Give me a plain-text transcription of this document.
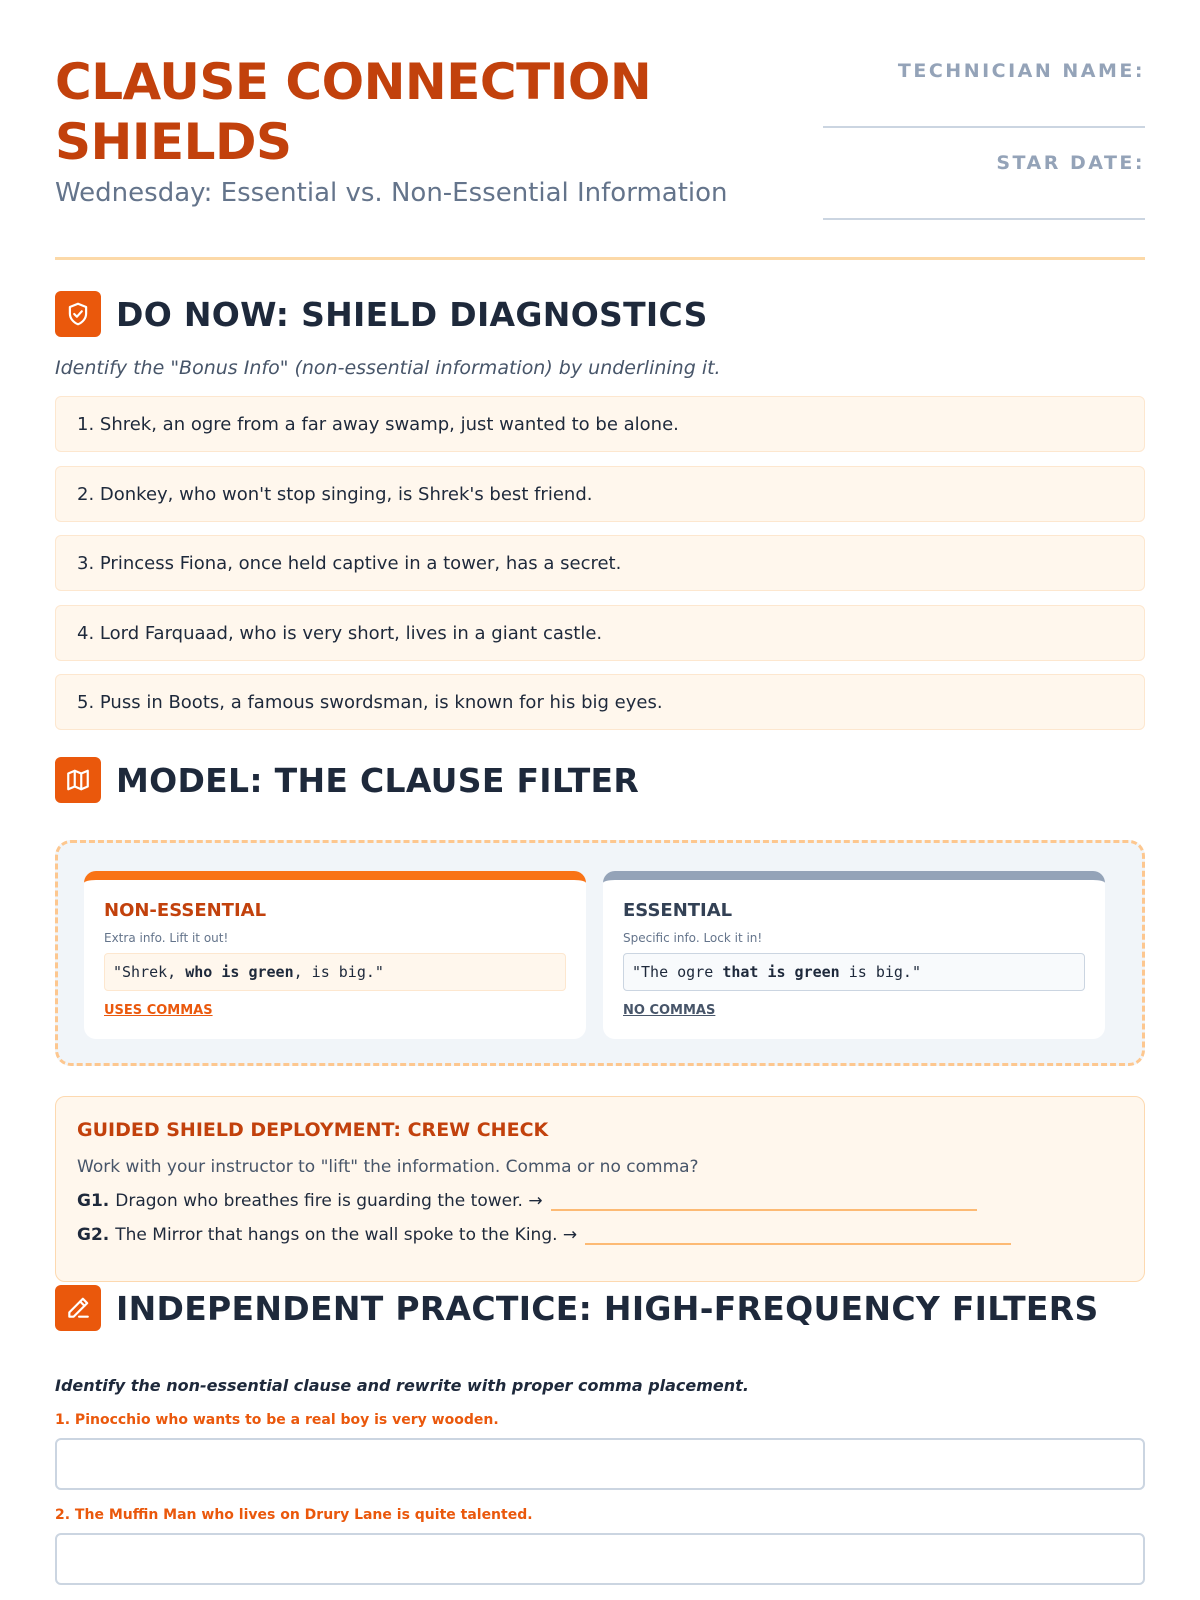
CLAUSE CONNECTION SHIELDS
Wednesday: Essential vs. Non-Essential Information
TECHNICIAN NAME:
STAR DATE:
DO NOW: SHIELD DIAGNOSTICS
Identify the "Bonus Info" (non-essential information) by underlining it.
1. Shrek, an ogre from a far away swamp, just wanted to be alone.
2. Donkey, who won't stop singing, is Shrek's best friend.
3. Princess Fiona, once held captive in a tower, has a secret.
4. Lord Farquaad, who is very short, lives in a giant castle.
5. Puss in Boots, a famous swordsman, is known for his big eyes.
MODEL: THE CLAUSE FILTER
NON-ESSENTIAL
Extra info. Lift it out!
"Shrek, who is green , is big."
USES COMMAS
ESSENTIAL
Specific info. Lock it in!
"The ogre that is green is big."
NO COMMAS
GUIDED SHIELD DEPLOYMENT: CREW CHECK
Work with your instructor to "lift" the information. Comma or no comma?
G1. Dragon who breathes fire is guarding the tower. →
G2. The Mirror that hangs on the wall spoke to the King. →
INDEPENDENT PRACTICE: HIGH-FREQUENCY FILTERS
Identify the non-essential clause and rewrite with proper comma placement.
1. Pinocchio who wants to be a real boy is very wooden.
2. The Muffin Man who lives on Drury Lane is quite talented.
